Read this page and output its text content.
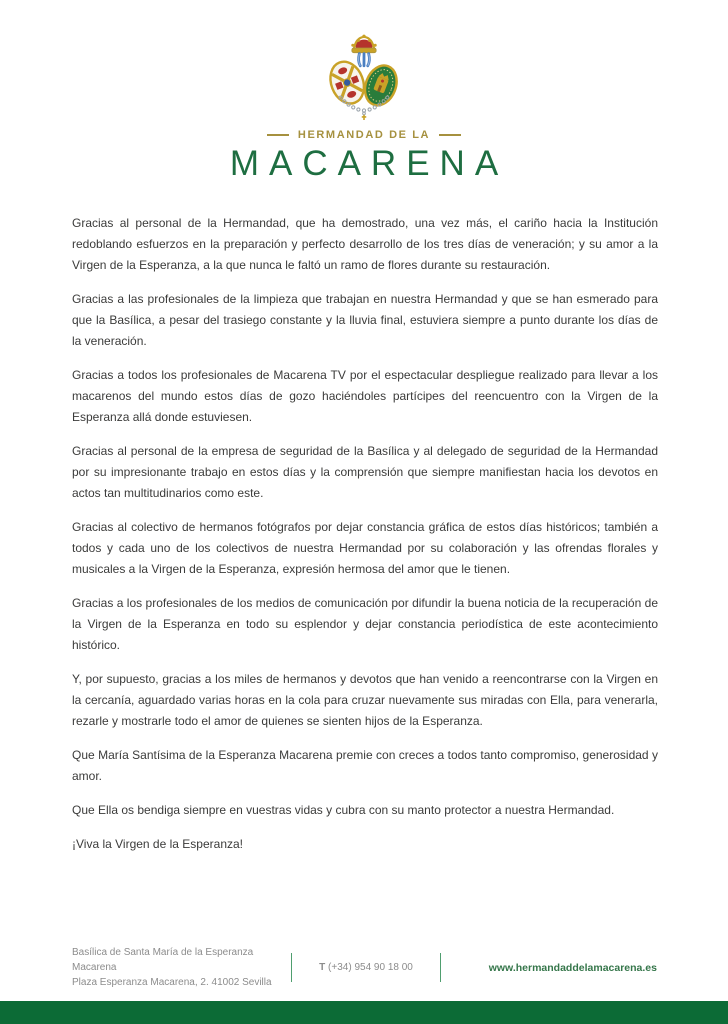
HERMANDAD DE LA
MACARENA

Gracias al personal de la Hermandad, que ha demostrado, una vez más, el cariño hacia la Institución redoblando esfuerzos en la preparación y perfecto desarrollo de los tres días de veneración; y su amor a la Virgen de la Esperanza, a la que nunca le faltó un ramo de flores durante su restauración.

Gracias a las profesionales de la limpieza que trabajan en nuestra Hermandad y que se han esmerado para que la Basílica, a pesar del trasiego constante y la lluvia final, estuviera siempre a punto durante los días de la veneración.

Gracias a todos los profesionales de Macarena TV por el espectacular despliegue realizado para llevar a los macarenos del mundo estos días de gozo haciéndoles partícipes del reencuentro con la Virgen de la Esperanza allá donde estuviesen.

Gracias al personal de la empresa de seguridad de la Basílica y al delegado de seguridad de la Hermandad por su impresionante trabajo en estos días y la comprensión que siempre manifiestan hacia los devotos en actos tan multitudinarios como este.

Gracias al colectivo de hermanos fotógrafos por dejar constancia gráfica de estos días históricos; también a todos y cada uno de los colectivos de nuestra Hermandad por su colaboración y las ofrendas florales y musicales a la Virgen de la Esperanza, expresión hermosa del amor que le tienen.

Gracias a los profesionales de los medios de comunicación por difundir la buena noticia de la recuperación de la Virgen de la Esperanza en todo su esplendor y dejar constancia periodística de este acontecimiento histórico.

Y, por supuesto, gracias a los miles de hermanos y devotos que han venido a reencontrarse con la Virgen en la cercanía, aguardado varias horas en la cola para cruzar nuevamente sus miradas con Ella, para venerarla, rezarle y mostrarle todo el amor de quienes se sienten hijos de la Esperanza.

Que María Santísima de la Esperanza Macarena premie con creces a todos tanto compromiso, generosidad y amor.

Que Ella os bendiga siempre en vuestras vidas y cubra con su manto protector a nuestra Hermandad.

¡Viva la Virgen de la Esperanza!

Basílica de Santa María de la Esperanza Macarena
Plaza Esperanza Macarena, 2. 41002 Sevilla
T (+34) 954 90 18 00	www.hermandaddelamacarena.es
